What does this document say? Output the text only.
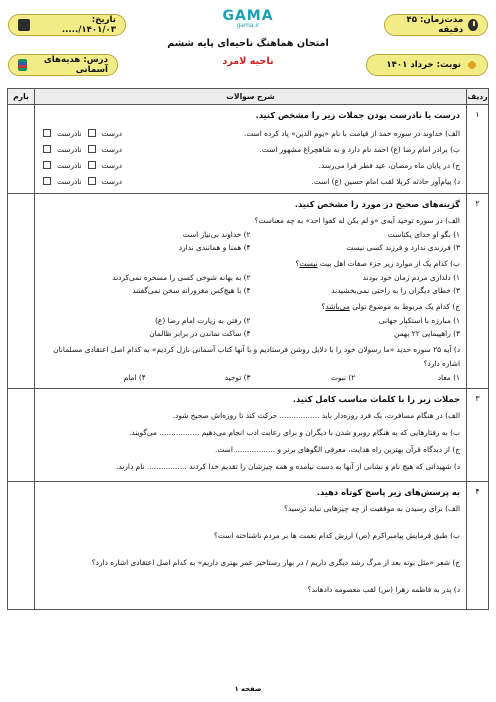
مدت‌زمان: ۴۵ دقیقه
تاریخ: ۱۴۰۱/۰۳/.....
نوبت: خرداد ۱۴۰۱
درس: هدیه‌های آسمانی
GAMA
gama.ir
امتحان هماهنگ ناحیه‌ای پایه ششم
ناحیه لامرد
ردیف
شرح سوالات
بارم
۱
درست یا نادرست بودن جملات زیر را مشخص کنید.
الف) خداوند در سوره حمد از قیامت با نام «یوم الدین» یاد کرده است.
درست
نادرست
ب) برادر امام رضا (ع) احمد نام دارد و به شاهچراغ مشهور است.
درست
نادرست
ج) در پایان ماه رمضان، عید فطر فرا می‌رسد.
درست
نادرست
د) پیام‌آور حادثه کربلا لقب امام حسین (ع) است.
درست
نادرست
۲
گزینه‌های صحیح در مورد را مشخص کنید.
الف) در سوره توحید آیه‌ی «و لم یکن له کفوا احد» به چه معناست؟
۱) بگو او خدای یکتاست
۲) خداوند بی‌نیاز است
۳) فرزندی ندارد و فرزند کسی نیست
۴) همتا و همانندی ندارد
ب) کدام یک از موارد زیر جزء صفات اهل بیت نیست؟
۱) دلداری مردم زمان خود بودند
۲) به بهانه شوخی کسی را مسخره نمی‌کردند
۳) خطای دیگران را به راحتی نمی‌بخشیدند
۴) با هیچ‌کس مغرورانه سخن نمی‌گفتند
ج) کدام یک مربوط به موضوع تولی می‌باشد؟
۱) مبارزه با استکبار جهانی
۲) رفتن به زیارت امام رضا (ع)
۳) راهپیمایی ۲۲ بهمن
۴) ساکت نماندن در برابر ظالمان
د) آیه ۲۵ سوره حدید «ما رسولان خود را با دلایل روشن فرستادیم و با آنها کتاب آسمانی نازل کردیم» به کدام اصل اعتقادی مسلمانان اشاره دارد؟
۱) معاد
۲) نبوت
۳) توحید
۴) امام
۳
جملات زیر را با کلمات مناسب کامل کنید.
الف) در هنگام مسافرت، یک فرد روزه‌دار باید ................. حرکت کند تا روزه‌اش صحیح شود.
ب) به رفتارهایی که به هنگام روبرو شدن با دیگران و برای رعایت ادب انجام می‌دهیم ................. می‌گویند.
ج) از دیدگاه قرآن بهترین راه هدایت، معرفی الگوهای برتر و ................. است.
د) شهیدانی که هیچ نام و نشانی از آنها به دست نیامده و همه چیزشان را تقدیم خدا کردند ................. نام دارند.
۴
به پرسش‌های زیر پاسخ کوتاه دهید.
الف) برای رسیدن به موفقیت از چه چیزهایی نباید ترسید؟
ب) طبق فرمایش پیامبراکرم (ص) ارزش کدام نعمت ها بر مردم ناشناخته است؟
ج) شعر «مثل بوته بعد از مرگ رشد دیگری داریم / در بهار رستاخیز عمر بهتری داریم» به کدام اصل اعتقادی اشاره دارد؟
د) پدر به فاطمه زهرا (س) لقب معصومه دادهاند؟
صفحه ۱
